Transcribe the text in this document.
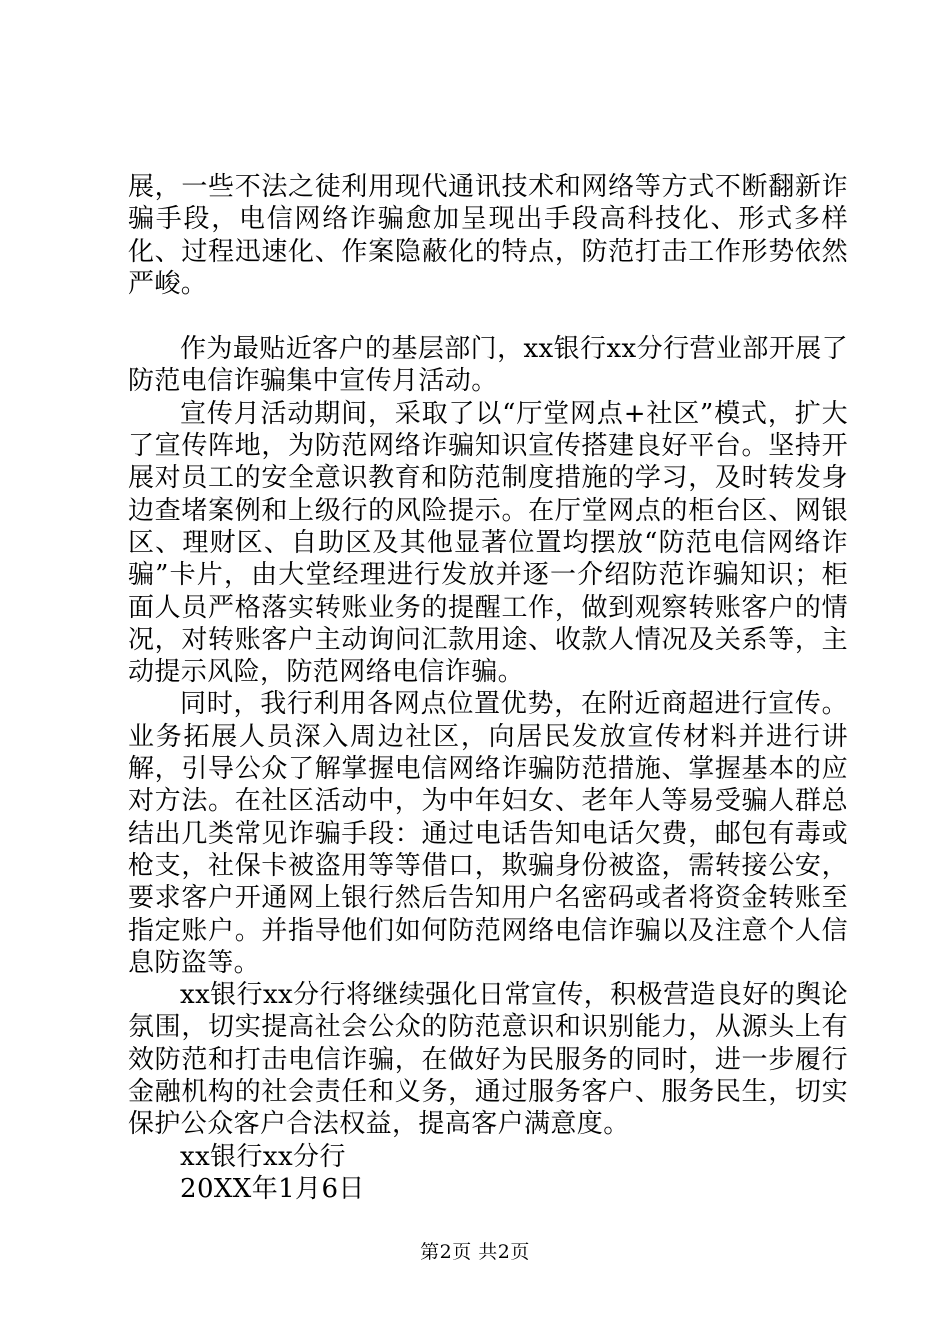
展，一些不法之徒利用现代通讯技术和网络等方式不断翻新诈骗手段，电信网络诈骗愈加呈现出手段高科技化、形式多样化、过程迅速化、作案隐蔽化的特点，防范打击工作形势依然严峻。

作为最贴近客户的基层部门，xx银行xx分行营业部开展了防范电信诈骗集中宣传月活动。

宣传月活动期间，采取了以“厅堂网点+社区”模式，扩大了宣传阵地，为防范网络诈骗知识宣传搭建良好平台。坚持开展对员工的安全意识教育和防范制度措施的学习，及时转发身边查堵案例和上级行的风险提示。在厅堂网点的柜台区、网银区、理财区、自助区及其他显著位置均摆放“防范电信网络诈骗”卡片，由大堂经理进行发放并逐一介绍防范诈骗知识；柜面人员严格落实转账业务的提醒工作，做到观察转账客户的情况，对转账客户主动询问汇款用途、收款人情况及关系等，主动提示风险，防范网络电信诈骗。

同时，我行利用各网点位置优势，在附近商超进行宣传。业务拓展人员深入周边社区，向居民发放宣传材料并进行讲解，引导公众了解掌握电信网络诈骗防范措施、掌握基本的应对方法。在社区活动中，为中年妇女、老年人等易受骗人群总结出几类常见诈骗手段：通过电话告知电话欠费，邮包有毒或枪支，社保卡被盗用等等借口，欺骗身份被盗，需转接公安，要求客户开通网上银行然后告知用户名密码或者将资金转账至指定账户。并指导他们如何防范网络电信诈骗以及注意个人信息防盗等。

xx银行xx分行将继续强化日常宣传，积极营造良好的舆论氛围，切实提高社会公众的防范意识和识别能力，从源头上有效防范和打击电信诈骗，在做好为民服务的同时，进一步履行金融机构的社会责任和义务，通过服务客户、服务民生，切实保护公众客户合法权益，提高客户满意度。

xx银行xx分行

20XX年1月6日

第2页 共2页
